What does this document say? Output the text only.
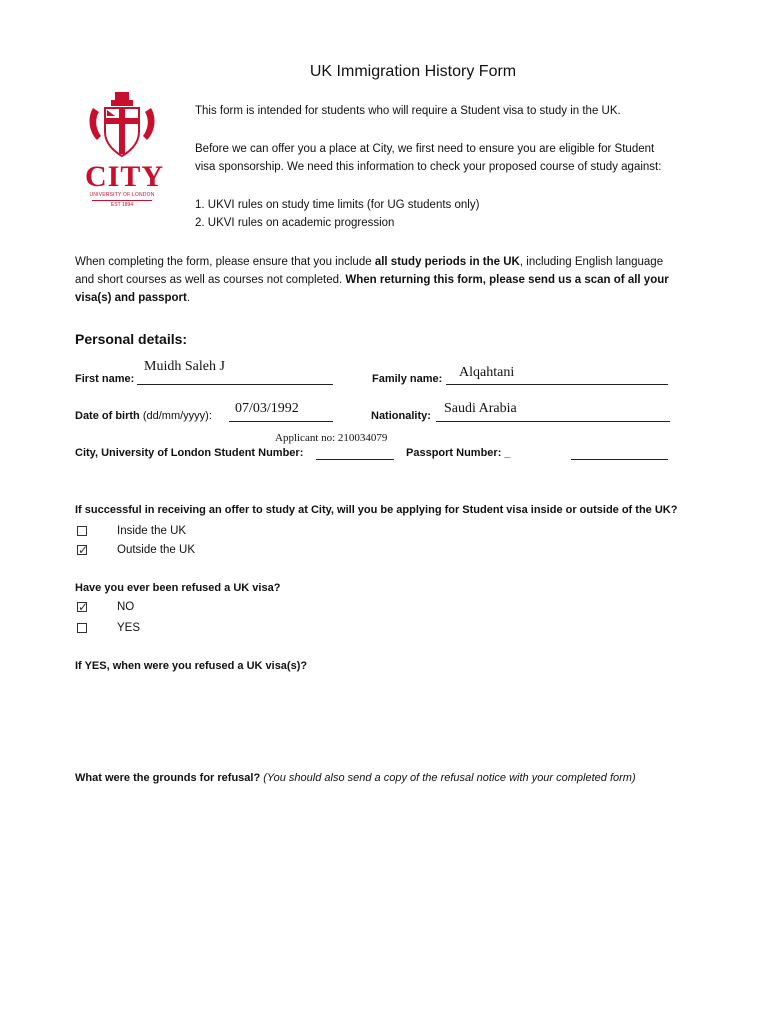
UK Immigration History Form
CITY
UNIVERSITY OF LONDON
EST 1894
This form is intended for students who will require a Student visa to study in the UK.
Before we can offer you a place at City, we first need to ensure you are eligible for Student
visa sponsorship. We need this information to check your proposed course of study against:
1. UKVI rules on study time limits (for UG students only)
2. UKVI rules on academic progression
When completing the form, please ensure that you include all study periods in the UK, including English language
and short courses as well as courses not completed. When returning this form, please send us a scan of all your
visa(s) and passport.
Personal details:
First name:
Muidh Saleh J
Family name: Alqahtani
Date of birth (dd/mm/yyyy): 07/03/1992	Nationality: Saudi Arabia
Applicant no: 210034079
City, University of London Student Number:	Passport Number: _
If successful in receiving an offer to study at City, will you be applying for Student visa inside or outside of the UK?
Inside the UK
✓	Outside the UK
Have you ever been refused a UK visa?
✓	NO
YES
If YES, when were you refused a UK visa(s)?
What were the grounds for refusal? (You should also send a copy of the refusal notice with your completed form)
